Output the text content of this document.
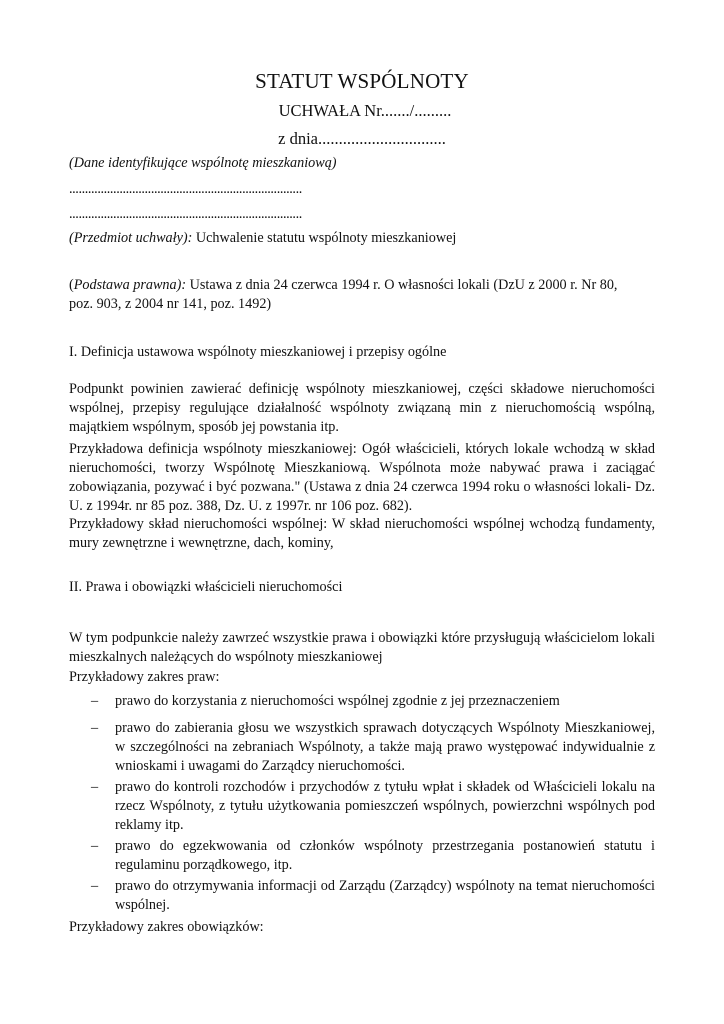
STATUT WSPÓLNOTY
UCHWAŁA Nr......./.........
z dnia...............................
(Dane identyfikujące wspólnotę mieszkaniową)
..........................................................................
..........................................................................
(Przedmiot uchwały): Uchwalenie statutu wspólnoty mieszkaniowej
(Podstawa prawna): Ustawa z dnia 24 czerwca 1994 r. O własności lokali (DzU z 2000 r. Nr 80,
poz. 903, z 2004 nr 141, poz. 1492)
I. Definicja ustawowa wspólnoty mieszkaniowej i przepisy ogólne

Podpunkt powinien zawierać definicję wspólnoty mieszkaniowej, części składowe nieruchomości wspólnej, przepisy regulujące działalność wspólnoty związaną min z nieruchomością wspólną, majątkiem wspólnym, sposób jej powstania itp.

Przykładowa definicja wspólnoty mieszkaniowej: Ogół właścicieli, których lokale wchodzą w skład nieruchomości, tworzy Wspólnotę Mieszkaniową. Wspólnota może nabywać prawa i zaciągać zobowiązania, pozywać i być pozwana." (Ustawa z dnia 24 czerwca 1994 roku o własności lokali- Dz. U. z 1994r. nr 85 poz. 388, Dz. U. z 1997r. nr 106 poz. 682).

Przykładowy skład nieruchomości wspólnej: W skład nieruchomości wspólnej wchodzą fundamenty, mury zewnętrzne i wewnętrzne, dach, kominy,

II. Prawa i obowiązki właścicieli nieruchomości

W tym podpunkcie należy zawrzeć wszystkie prawa i obowiązki które przysługują właścicielom lokali mieszkalnych należących do wspólnoty mieszkaniowej

Przykładowy zakres praw:
– prawo do korzystania z nieruchomości wspólnej zgodnie z jej przeznaczeniem
– prawo do zabierania głosu we wszystkich sprawach dotyczących Wspólnoty Mieszkaniowej, w szczególności na zebraniach Wspólnoty, a także mają prawo występować indywidualnie z wnioskami i uwagami do Zarządcy nieruchomości.
– prawo do kontroli rozchodów i przychodów z tytułu wpłat i składek od Właścicieli lokalu na rzecz Wspólnoty, z tytułu użytkowania pomieszczeń wspólnych, powierzchni wspólnych pod reklamy itp.
– prawo do egzekwowania od członków wspólnoty przestrzegania postanowień statutu i regulaminu porządkowego, itp.
– prawo do otrzymywania informacji od Zarządu (Zarządcy) wspólnoty na temat nieruchomości wspólnej.
Przykładowy zakres obowiązków:
